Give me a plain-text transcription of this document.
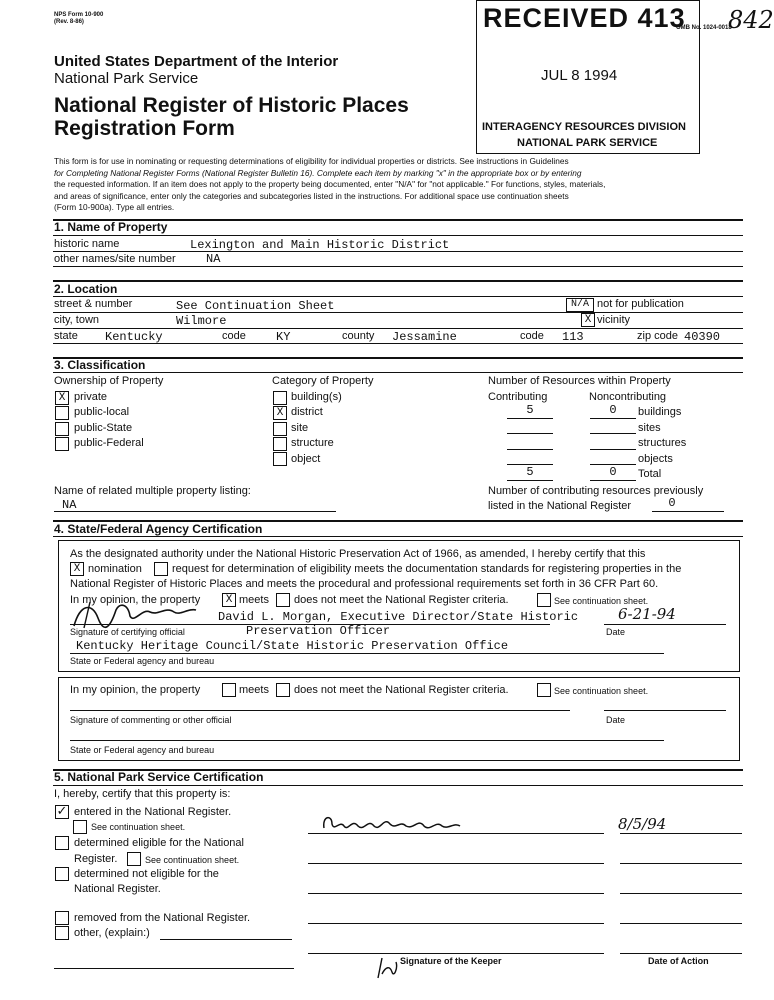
NPS Form 10-900
(Rev. 8-86)	RECEIVED 413
JUL 8 1994
INTERAGENCY RESOURCES DIVISION
NATIONAL PARK SERVICE
OMB No. 1024-0018
842
United States Department of the Interior
National Park Service
National Register of Historic Places
Registration Form
This form is for use in nominating or requesting determinations of eligibility for individual properties or districts. See instructions in Guidelines
for Completing National Register Forms (National Register Bulletin 16). Complete each item by marking "x" in the appropriate box or by entering
the requested information. If an item does not apply to the property being documented, enter "N/A" for "not applicable." For functions, styles, materials,
and areas of significance, enter only the categories and subcategories listed in the instructions. For additional space use continuation sheets
(Form 10-900a). Type all entries.
1. Name of Property
historic name	Lexington and Main Historic District
other names/site number	NA
2. Location
street & number	See Continuation Sheet	N/A not for publication
city, town	Wilmore	X vicinity
state Kentucky	code	KY	county Jessamine	code 113	zip code 40390
3. Classification
Ownership of Property
X private
public-local
public-State
public-Federal
Category of Property
building(s)
X district
site
structure
object
Number of Resources within Property
Contributing	Noncontributing
5	0	buildings
sites
structures
objects
5	0	Total
Name of related multiple property listing:
NA
Number of contributing resources previously
listed in the National Register	0
4. State/Federal Agency Certification
As the designated authority under the National Historic Preservation Act of 1966, as amended, I hereby certify that this
X nomination	request for determination of eligibility meets the documentation standards for registering properties in the
National Register of Historic Places and meets the procedural and professional requirements set forth in 36 CFR Part 60.
In my opinion, the property	X meets does not meet the National Register criteria.	See continuation sheet.
David L. Morgan, Executive Director/State Historic	6-21-94
Signature of certifying official	Preservation Officer	Date
Kentucky Heritage Council/State Historic Preservation Office
State or Federal agency and bureau
In my opinion, the property	meets does not meet the National Register criteria.	See continuation sheet.
Signature of commenting or other official	Date
State or Federal agency and bureau
5. National Park Service Certification
I, hereby, certify that this property is:
✓ entered in the National Register.
See continuation sheet.	8/5/94
determined eligible for the National
Register.	See continuation sheet.
determined not eligible for the
National Register.
removed from the National Register.
other, (explain:)
Signature of the Keeper	Date of Action
